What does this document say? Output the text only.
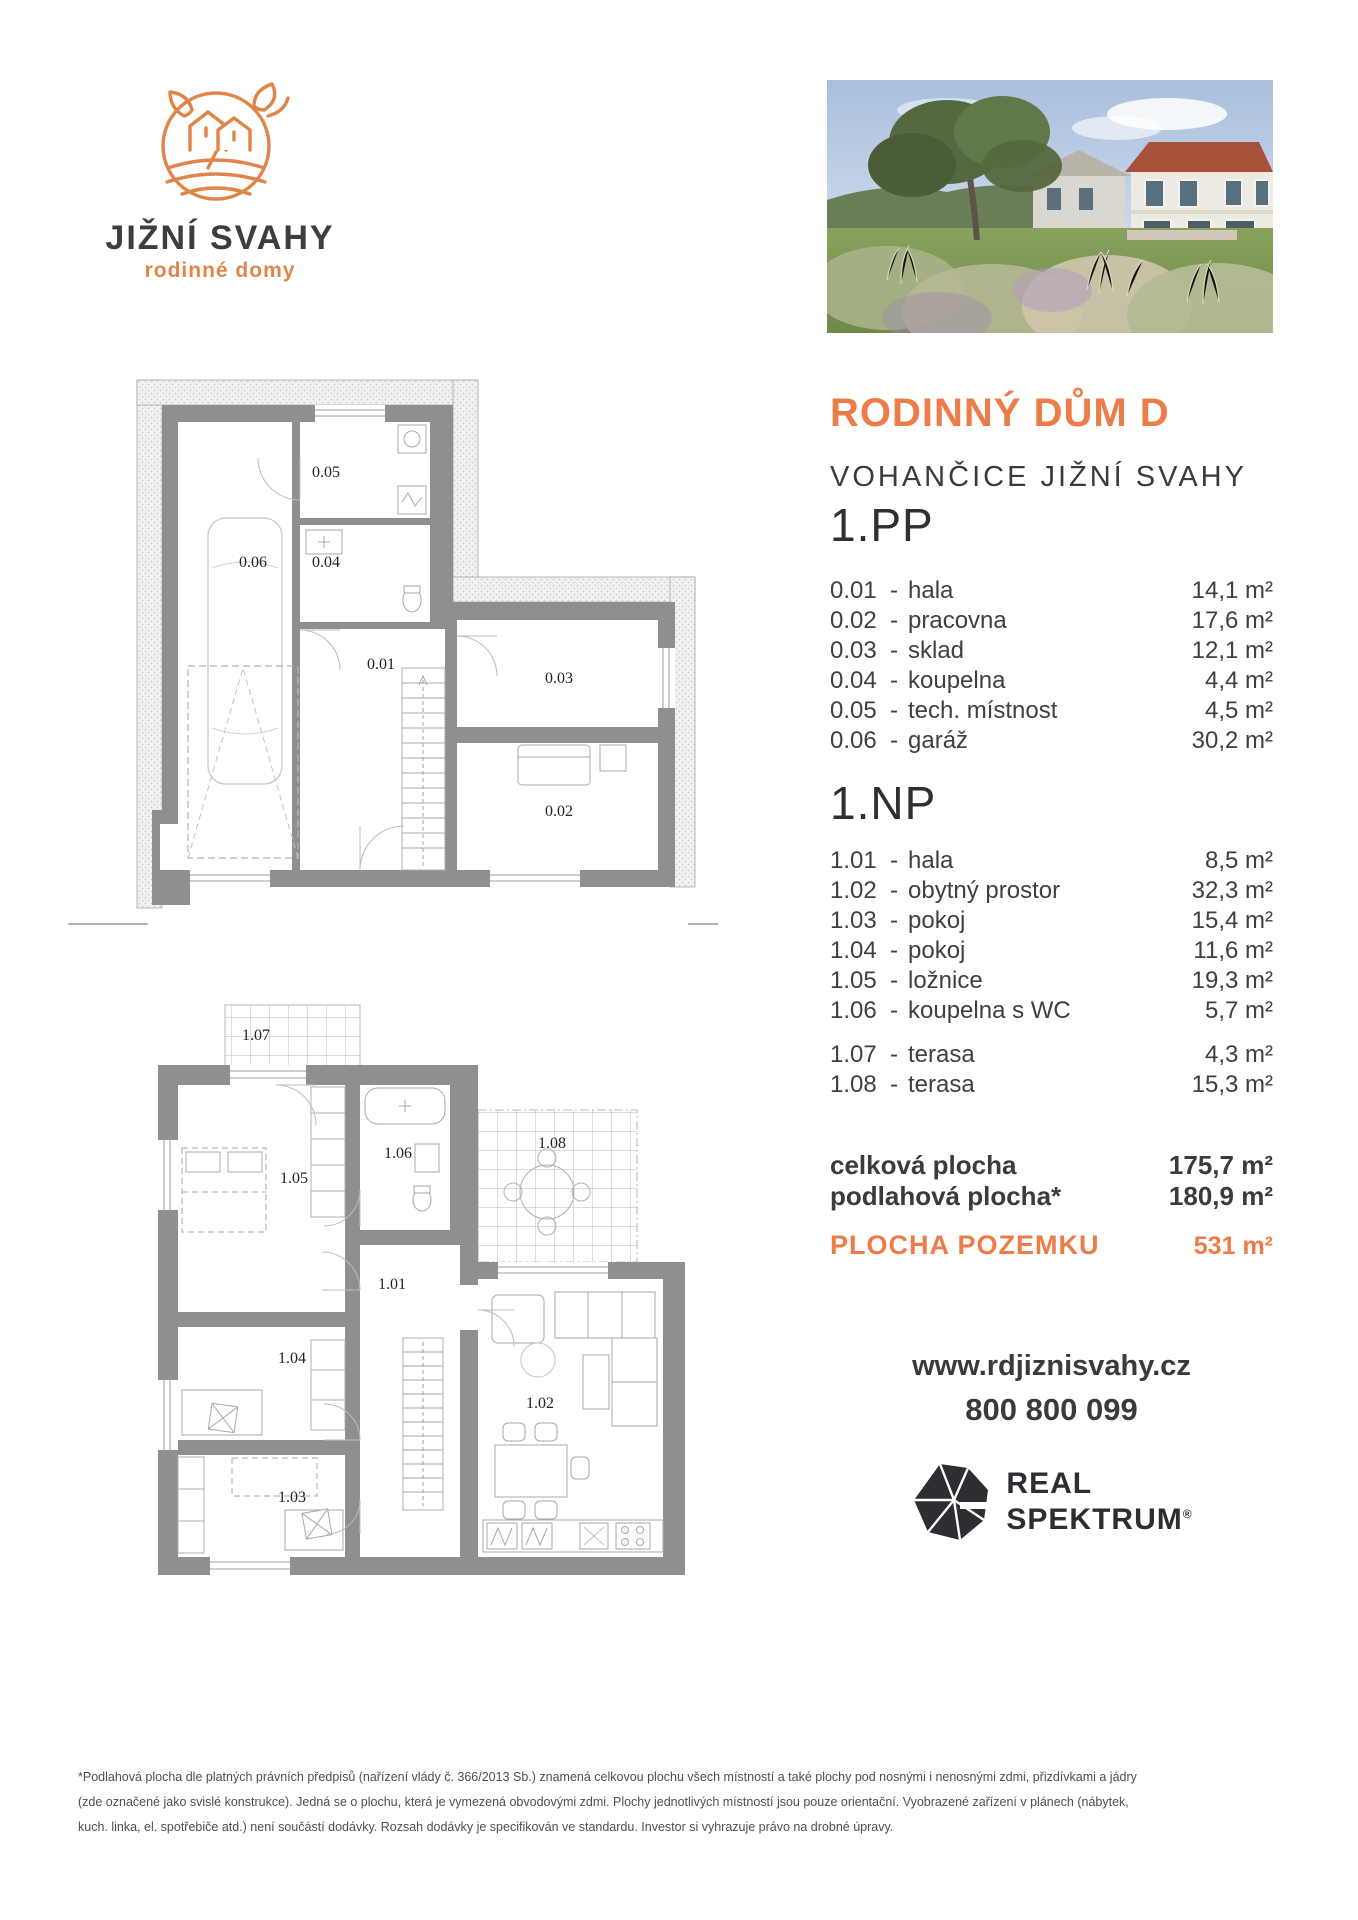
JIŽNÍ SVAHY
rodinné domy
0.06
0.05
0.04
0.01
0.03
0.02
1.07
1.08
1.05
1.06
1.01
1.04
1.03
1.02
RODINNÝ DŮM D
VOHANČICE JIŽNÍ SVAHY
1.PP
0.01 - hala	14,1 m²
0.02 - pracovna	17,6 m²
0.03 - sklad	12,1 m²
0.04 - koupelna	4,4 m²
0.05 - tech. místnost	4,5 m²
0.06 - garáž	30,2 m²
1.NP
1.01 - hala	8,5 m²
1.02 - obytný prostor	32,3 m²
1.03 - pokoj	15,4 m²
1.04 - pokoj	11,6 m²
1.05 - ložnice	19,3 m²
1.06 - koupelna s WC	5,7 m²
1.07 - terasa	4,3 m²
1.08 - terasa	15,3 m²
celková plocha	175,7 m²
podlahová plocha*	180,9 m²
PLOCHA POZEMKU	531 m²
www.rdjiznisvahy.cz
800 800 099
REAL
SPEKTRUM®
*Podlahová plocha dle platných právních předpisů (nařízení vlády č. 366/2013 Sb.) znamená celkovou plochu všech místností a také plochy pod nosnými i nenosnými zdmi, přizdívkami a jádry (zde označené jako svislé konstrukce). Jedná se o plochu, která je vymezená obvodovými zdmi. Plochy jednotlivých místností jsou pouze orientační. Vyobrazené zařízení v plánech (nábytek, kuch. linka, el. spotřebiče atd.) není součástí dodávky. Rozsah dodávky je specifikován ve standardu. Investor si vyhrazuje právo na drobné úpravy.
